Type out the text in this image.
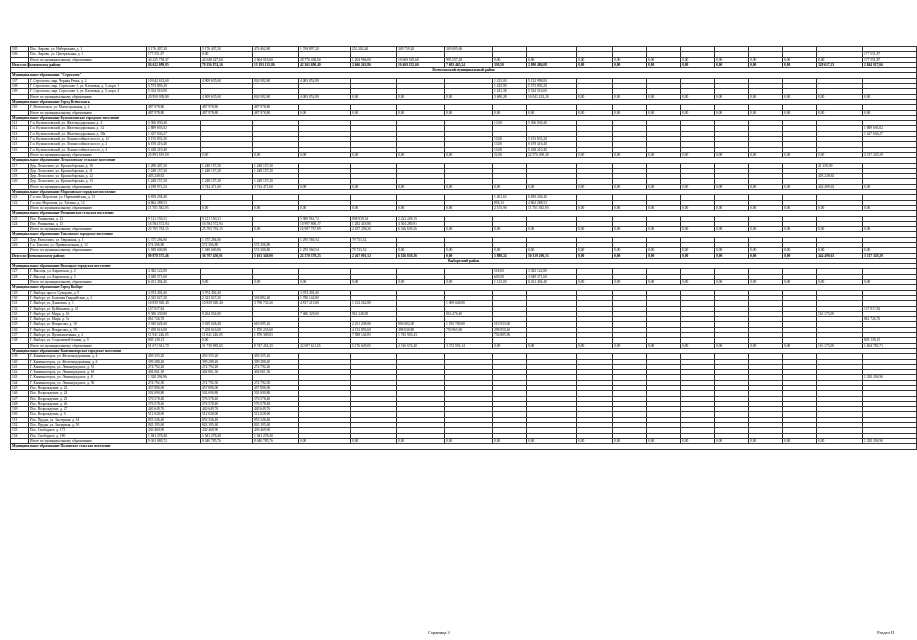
105	Пос. Аврово, ул. Набережная, д. 1	3 176 407,20	3 176 407,20	476 462,80	1 769 897,20	251 282,40	349 759,20	349 005,60											
106	Пос. Аврово, ул. Центральная, д. 1	177 551,87	0,00																177 551,87
	Итого по муниципальному образованию	44 225 759,47	44 048 427,60	2 604 016,60	28 776 338,00	1 204 966,00	10 669 529,60	993 557,20	0,00	0,00	0,00	0,00	0,00	0,00	0,00	0,00	0,00	0,00	177 551,87
Итого по Волховскому району		84 622 099,05	79 356 874,16	15 193 135,86	42 362 690,40	2 666 263,86	10 469 225,60	7 683 465,24	330,50	2 090 486,08	0,00	0,00	0,00	0,00	0,00	0,00	0,00	328 617,23	2 844 927,66
Всеволожский муниципальный район																			
Муниципальное образование "Сертолово"																			
107	Г. Сертолово, мкр. Черная Речка, д. 2	10 042 633,60	4 909 635,60	826 582,80	4 083 052,80				1 215,00	5 132 998,00									
108	Г. Сертолово, мкр. Сертолово-1, ул. Кленовая, д. 5, корп. 1	5 573 893,20							1 225,90	5 573 893,20									
109	Г. Сертолово, мкр. Сертолово-1, ул. Кленовая, д. 5, корп. 4	5 334 510,00							1 241,38	5 334 510,00									
	Итого по муниципальному образованию	20 950 038,80	4 909 635,60	826 582,80	4 083 052,80	0,00	0,00	0,00	3 680,28	16 041 223,20	0,00	0,00	0,00	0,00	0,00	0,00	0,00	0,00	0,00
Муниципальное образование Город Всеволожск																			
110	Г. Всеволожск, ул. Магистральная, д. 2	487 978,80	487 978,80	487 978,80															
	Итого по муниципальному образованию	487 978,80	487 978,80	487 978,80	0,00	0,00	0,00	0,00	0,00	0,00	0,00	0,00	0,00	0,00	0,00	0,00	0,00	0,00	0,00
Муниципальное образование Кузьмоловское городское поселение																			
111	Г.п. Кузьмоловский, ул. Железнодорожная, д. 4	5 306 030,40							13,00	5 306 030,40									
112	Г.п. Кузьмоловский, ул. Железнодорожная, д. 14	1 889 693,02																	1 889 693,02
113	Г.п. Кузьмоловский, ул. Железнодорожная, д. 18а	1 427 636,27																	1 427 636,27
114	Г.п. Кузьмоловский, ул. Леншоссейное шоссе, д. 12	5 153 833,20							13,00	5 153 833,20									
115	Г.п. Кузьмоловский, ул. Леншоссейное шоссе, д. 2	6 678 416,40							13,00	6 678 416,40									
116	Г.п. Кузьмоловский, ул. Леншоссейное шоссе, д. 4	5 438 210,40							13,00	5 438 210,40									
	Итого по муниципальному образованию	25 893 819,69	0,00	0,00	0,00	0,00	0,00	0,00	52,00	22 576 490,40	0,00	0,00	0,00	0,00	0,00	0,00	0,00	0,00	3 317 329,29
Муниципальное образование Лесколовское сельское поселение																			
117	Дер. Лесколово, ул. Красноборская, д. 10	1 289 407,20	1 248 157,20	1 248 157,20														41 250,00	
118	Дер. Лесколово, ул. Красноборская, д. 11	1 248 157,20	1 248 157,20	1 248 157,20															
119	Дер. Лесколово, ул. Красноборская, д. 12	403 249,63																403 249,63	
120	Дер. Лесколово, ул. Красноборская, д. 13	1 248 157,20	1 248 157,20	1 248 157,20															
	Итого по муниципальному образованию	4 188 971,23	3 744 471,60	3 744 471,60	0,00	0,00	0,00	0,00	0,00	0,00	0,00	0,00	0,00	0,00	0,00	0,00	0,00	444 499,63	0,00
Муниципальное образование Морозовское городское поселение																			
121	Г.п. им. Морозова, ул. Первомайская, д. 13	6 839 294,40							1 261,63	6 839 294,40									
122	Г.п. им. Морозова, ул. Хесина, д. 12	4 862 288,53							894,33	4 862 288,53									
	Итого по муниципальному образованию	11 701 582,93	0,00	0,00	0,00	0,00	0,00	0,00	2 155,96	11 701 582,93	0,00	0,00	0,00	0,00	0,00	0,00	0,00	0,00	0,00
Муниципальное образование Романовское сельское поселение																			
123	Пос. Романовка, д. 12	9 121 150,21	9 121 150,21		5 989 961,72	908 939,34	2 222 249,15												
124	Пос. Романовка, д. 13	16 584 572,94	16 584 572,94		10 997 806,17	1 282 418,86	4 304 289,91												
	Итого по муниципальному образованию	25 705 763,15	25 705 763,15	0,00	16 987 767,89	2 187 358,20	6 526 639,26	0,00	0,00	0,00	0,00	0,00	0,00	0,00	0,00	0,00	0,00	0,00	0,00
Муниципальное образование Токсовское городское поселение																			
125	Дер. Рапполово, ул. Овражная, д. 1	1 375 294,06	1 375 294,06		1 295 560,54	79 733,52													
126	Г.п. Токсово, ул. Привокзальная, д. 12	574 306,80	574 306,80	574 306,80															
	Итого по муниципальному образованию	1 949 600,86	1 949 600,86	574 306,80	1 295 560,54	79 733,52	0,00	0,00	0,00	0,00	0,00	0,00	0,00	0,00	0,00	0,00	0,00	0,00	0,00
Итого по Всеволожскому району		90 878 575,46	36 797 450,01	5 633 340,00	22 370 379,23	2 267 091,52	6 526 639,26	0,00	5 888,24	50 319 296,53	0,00	0,00	0,00	0,00	0,00	0,00	0,00	444 499,63	3 317 329,29
Выборгский район																			
Муниципальное образование Высоцкое городское поселение																			
127	Г. Высоцк, ул. Кировская, д. 2	3 382 122,80							518,00	3 382 122,80									
128	Г. Высоцк, ул. Кировская, д. 5	3 049 371,60							605,00	3 049 371,60									
	Итого по муниципальному образованию	6 431 494,40	0,00	0,00	0,00	0,00	0,00	0,00	1 123,00	6 431 494,40	0,00	0,00	0,00	0,00	0,00	0,00	0,00	0,00	0,00
Муниципальное образование Город Выборг																			
129	Г. Выборг, просп. Суворова, д. 9	3 974 492,40	3 974 492,40		3 974 492,40														
130	Г. Выборг, ул. Большая Гвардейская, д. 2	2 323 027,20	2 323 027,20	536 882,40	1 786 144,80														
131	Г. Выборг, ул. Данилова, д. 1	10 839 920,40	10 839 920,40	3 798 733,20	4 817 215,00	1 214 262,80		1 009 648,80											
132	Г. Выборг, ул. Куйбышева, д. 21	157 917,82																	157 917,82
133	Г. Выборг, ул. Мира, д. 16	9 380 239,80	9 264 054,80		7 486 329,60	961 248,00		816 476,40										116 175,00	
134	Г. Выборг, ул. Мира, д. 7а	861 726,76																	861 726,76
135	Г. Выборг, ул. Некрасова, д. 10	3 929 628,40	3 929 628,40	663 095,20		2 251 208,80	856 602,00	1 555 708,80	510 933,60										
136	Г. Выборг, ул. Некрасова, д. 19	7 458 616,00	7 458 616,00	1 870 233,60		4 133 893,60	398 030,80	750 865,60	298 850,40										
137	Г. Выборг, ул. Промышленная, д. 2	11 941 246,05	11 941 246,05	1 870 309,81		7 588 146,85	1 745 903,43		736 885,96										
138	Г. Выборг, ул. Сторожевой башни, д. 9	805 139,15	0,00																805 139,15
	Итого по муниципальному образованию	51 671 941,70	31 730 985,65	8 747 454,25	32 097 611,65	5 176 649,05	2 316 674,40	3 372 593,14	0,00	0,00	0,00	0,00	0,00	0,00	0,00	0,00	0,00	116 175,00	1 664 783,71
Муниципальное образование Каменногорское городское поселение																			
139	Г. Каменногорск, ул. Железнодорожная, д. 4	450 355,20	450 355,20	450 355,20															
140	Г. Каменногорск, ул. Железнодорожная, д. 6	399 288,40	399 288,40	399 288,40															
141	Г. Каменногорск, ул. Ленинградское, д. 51	274 792,20	274 792,20	274 792,20															
142	Г. Каменногорск, ул. Ленинградское, д. 63	404 061,50	404 061,50	404 061,50															
143	Г. Каменногорск, ул. Ленинградское, д. 8	1 320 294,96																	1 320 294,96
144	Г. Каменногорск, ул. Ленинградское, д. 56	274 792,50	274 792,50	274 792,50															
145	Пос. Возрождение, д. 23	457 896,00	457 896,00	457 896,00															
146	Пос. Возрождение, д. 24	502 690,80	502 690,80	502 690,80															
147	Пос. Возрождение, д. 25	576 578,40	576 578,40	576 578,40															
148	Пос. Возрождение, д. 26	576 578,40	576 578,40	576 578,40															
149	Пос. Возрождение, д. 27	440 649,76	440 649,76	440 649,76															
150	Пос. Возрождение, д. 9	512 028,00	512 028,00	512 028,00															
151	Пос. Пруды, ул. Заозерная, д. 34	853 326,40	853 326,40	853 326,40															
152	Пос. Пруды, ул. Заозерная, д. 50	843 195,60	843 195,60	843 195,60															
153	Пос. Свободное, д. 175	430 469,90	430 469,90	430 469,90															
154	Пос. Свободное, д. 180	1 041 278,40	1 041 278,40	1 041 278,40															
	Итого по муниципальному образованию	9 361 080,72	8 040 785,76	8 040 785,76	0,00	0,00	0,00	0,00	0,00	0,00	0,00	0,00	0,00	0,00	0,00	0,00	0,00	0,00	1 320 294,96
Муниципальное образование Полянское сельское поселение																			
Страница 3	Раздел II
